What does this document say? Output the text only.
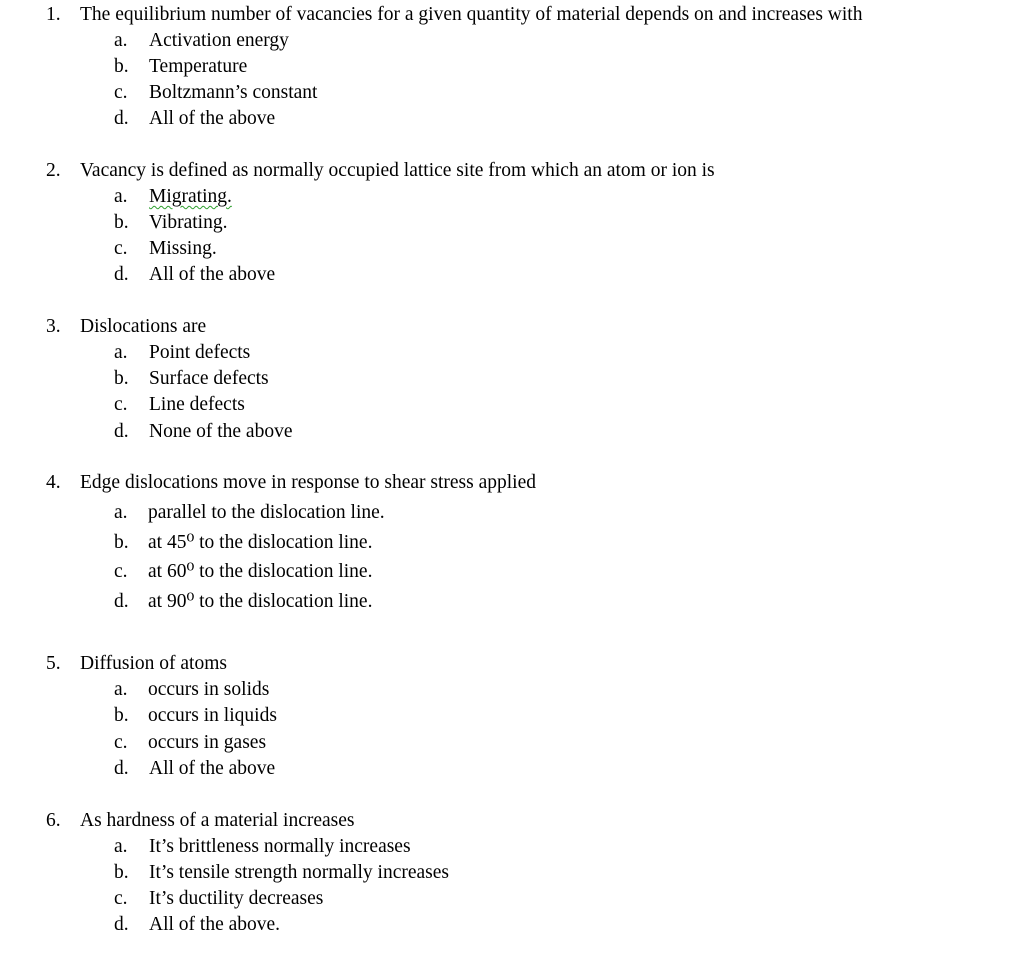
1. The equilibrium number of vacancies for a given quantity of material depends on and increases with
a. Activation energy
b. Temperature
c. Boltzmann’s constant
d. All of the above
2. Vacancy is defined as normally occupied lattice site from which an atom or ion is
a. Migrating.
b. Vibrating.
c. Missing.
d. All of the above
3. Dislocations are
a. Point defects
b. Surface defects
c. Line defects
d. None of the above
4. Edge dislocations move in response to shear stress applied
a. parallel to the dislocation line.
b. at 45⁰ to the dislocation line.
c. at 60⁰ to the dislocation line.
d. at 90⁰ to the dislocation line.
5. Diffusion of atoms
a. occurs in solids
b. occurs in liquids
c. occurs in gases
d. All of the above
6. As hardness of a material increases
a. It’s brittleness normally increases
b. It’s tensile strength normally increases
c. It’s ductility decreases
d. All of the above.
